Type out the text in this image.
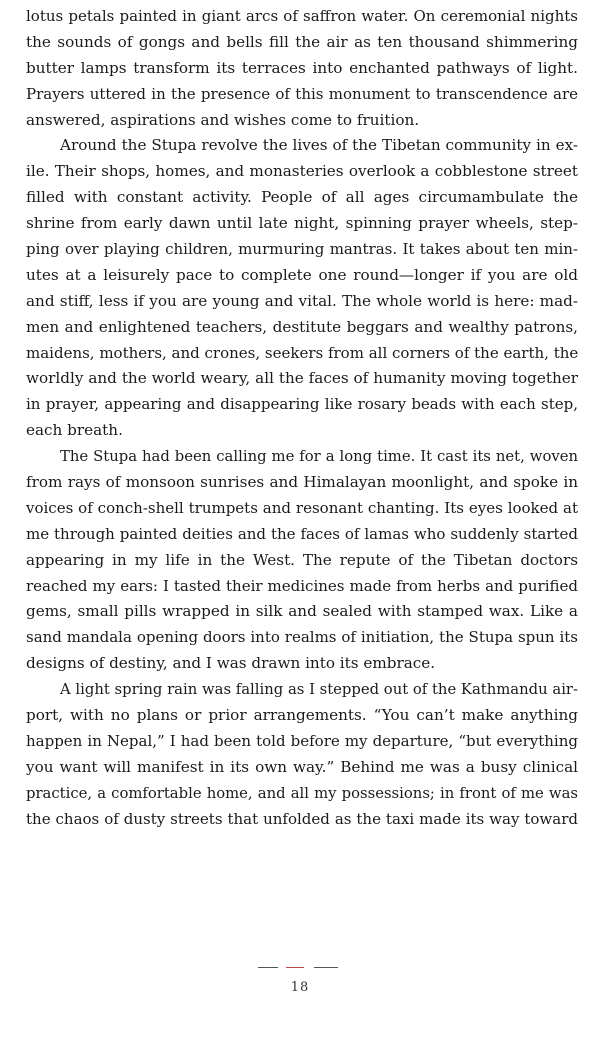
lotus petals painted in giant arcs of saffron water. On ceremonial nights
the sounds of gongs and bells fill the air as ten thousand shimmering
butter lamps transform its terraces into enchanted pathways of light.
Prayers uttered in the presence of this monument to transcendence are
answered, aspirations and wishes come to fruition.
Around the Stupa revolve the lives of the Tibetan community in ex-
ile. Their shops, homes, and monasteries overlook a cobblestone street
filled with constant activity. People of all ages circumambulate the
shrine from early dawn until late night, spinning prayer wheels, step-
ping over playing children, murmuring mantras. It takes about ten min-
utes at a leisurely pace to complete one round—longer if you are old
and stiff, less if you are young and vital. The whole world is here: mad-
men and enlightened teachers, destitute beggars and wealthy patrons,
maidens, mothers, and crones, seekers from all corners of the earth, the
worldly and the world weary, all the faces of humanity moving together
in prayer, appearing and disappearing like rosary beads with each step,
each breath.
The Stupa had been calling me for a long time. It cast its net, woven
from rays of monsoon sunrises and Himalayan moonlight, and spoke in
voices of conch-shell trumpets and resonant chanting. Its eyes looked at
me through painted deities and the faces of lamas who suddenly started
appearing in my life in the West. The repute of the Tibetan doctors
reached my ears: I tasted their medicines made from herbs and purified
gems, small pills wrapped in silk and sealed with stamped wax. Like a
sand mandala opening doors into realms of initiation, the Stupa spun its
designs of destiny, and I was drawn into its embrace.
A light spring rain was falling as I stepped out of the Kathmandu air-
port, with no plans or prior arrangements. “You can’t make anything
happen in Nepal,” I had been told before my departure, “but everything
you want will manifest in its own way.” Behind me was a busy clinical
practice, a comfortable home, and all my possessions; in front of me was
the chaos of dusty streets that unfolded as the taxi made its way toward
18
